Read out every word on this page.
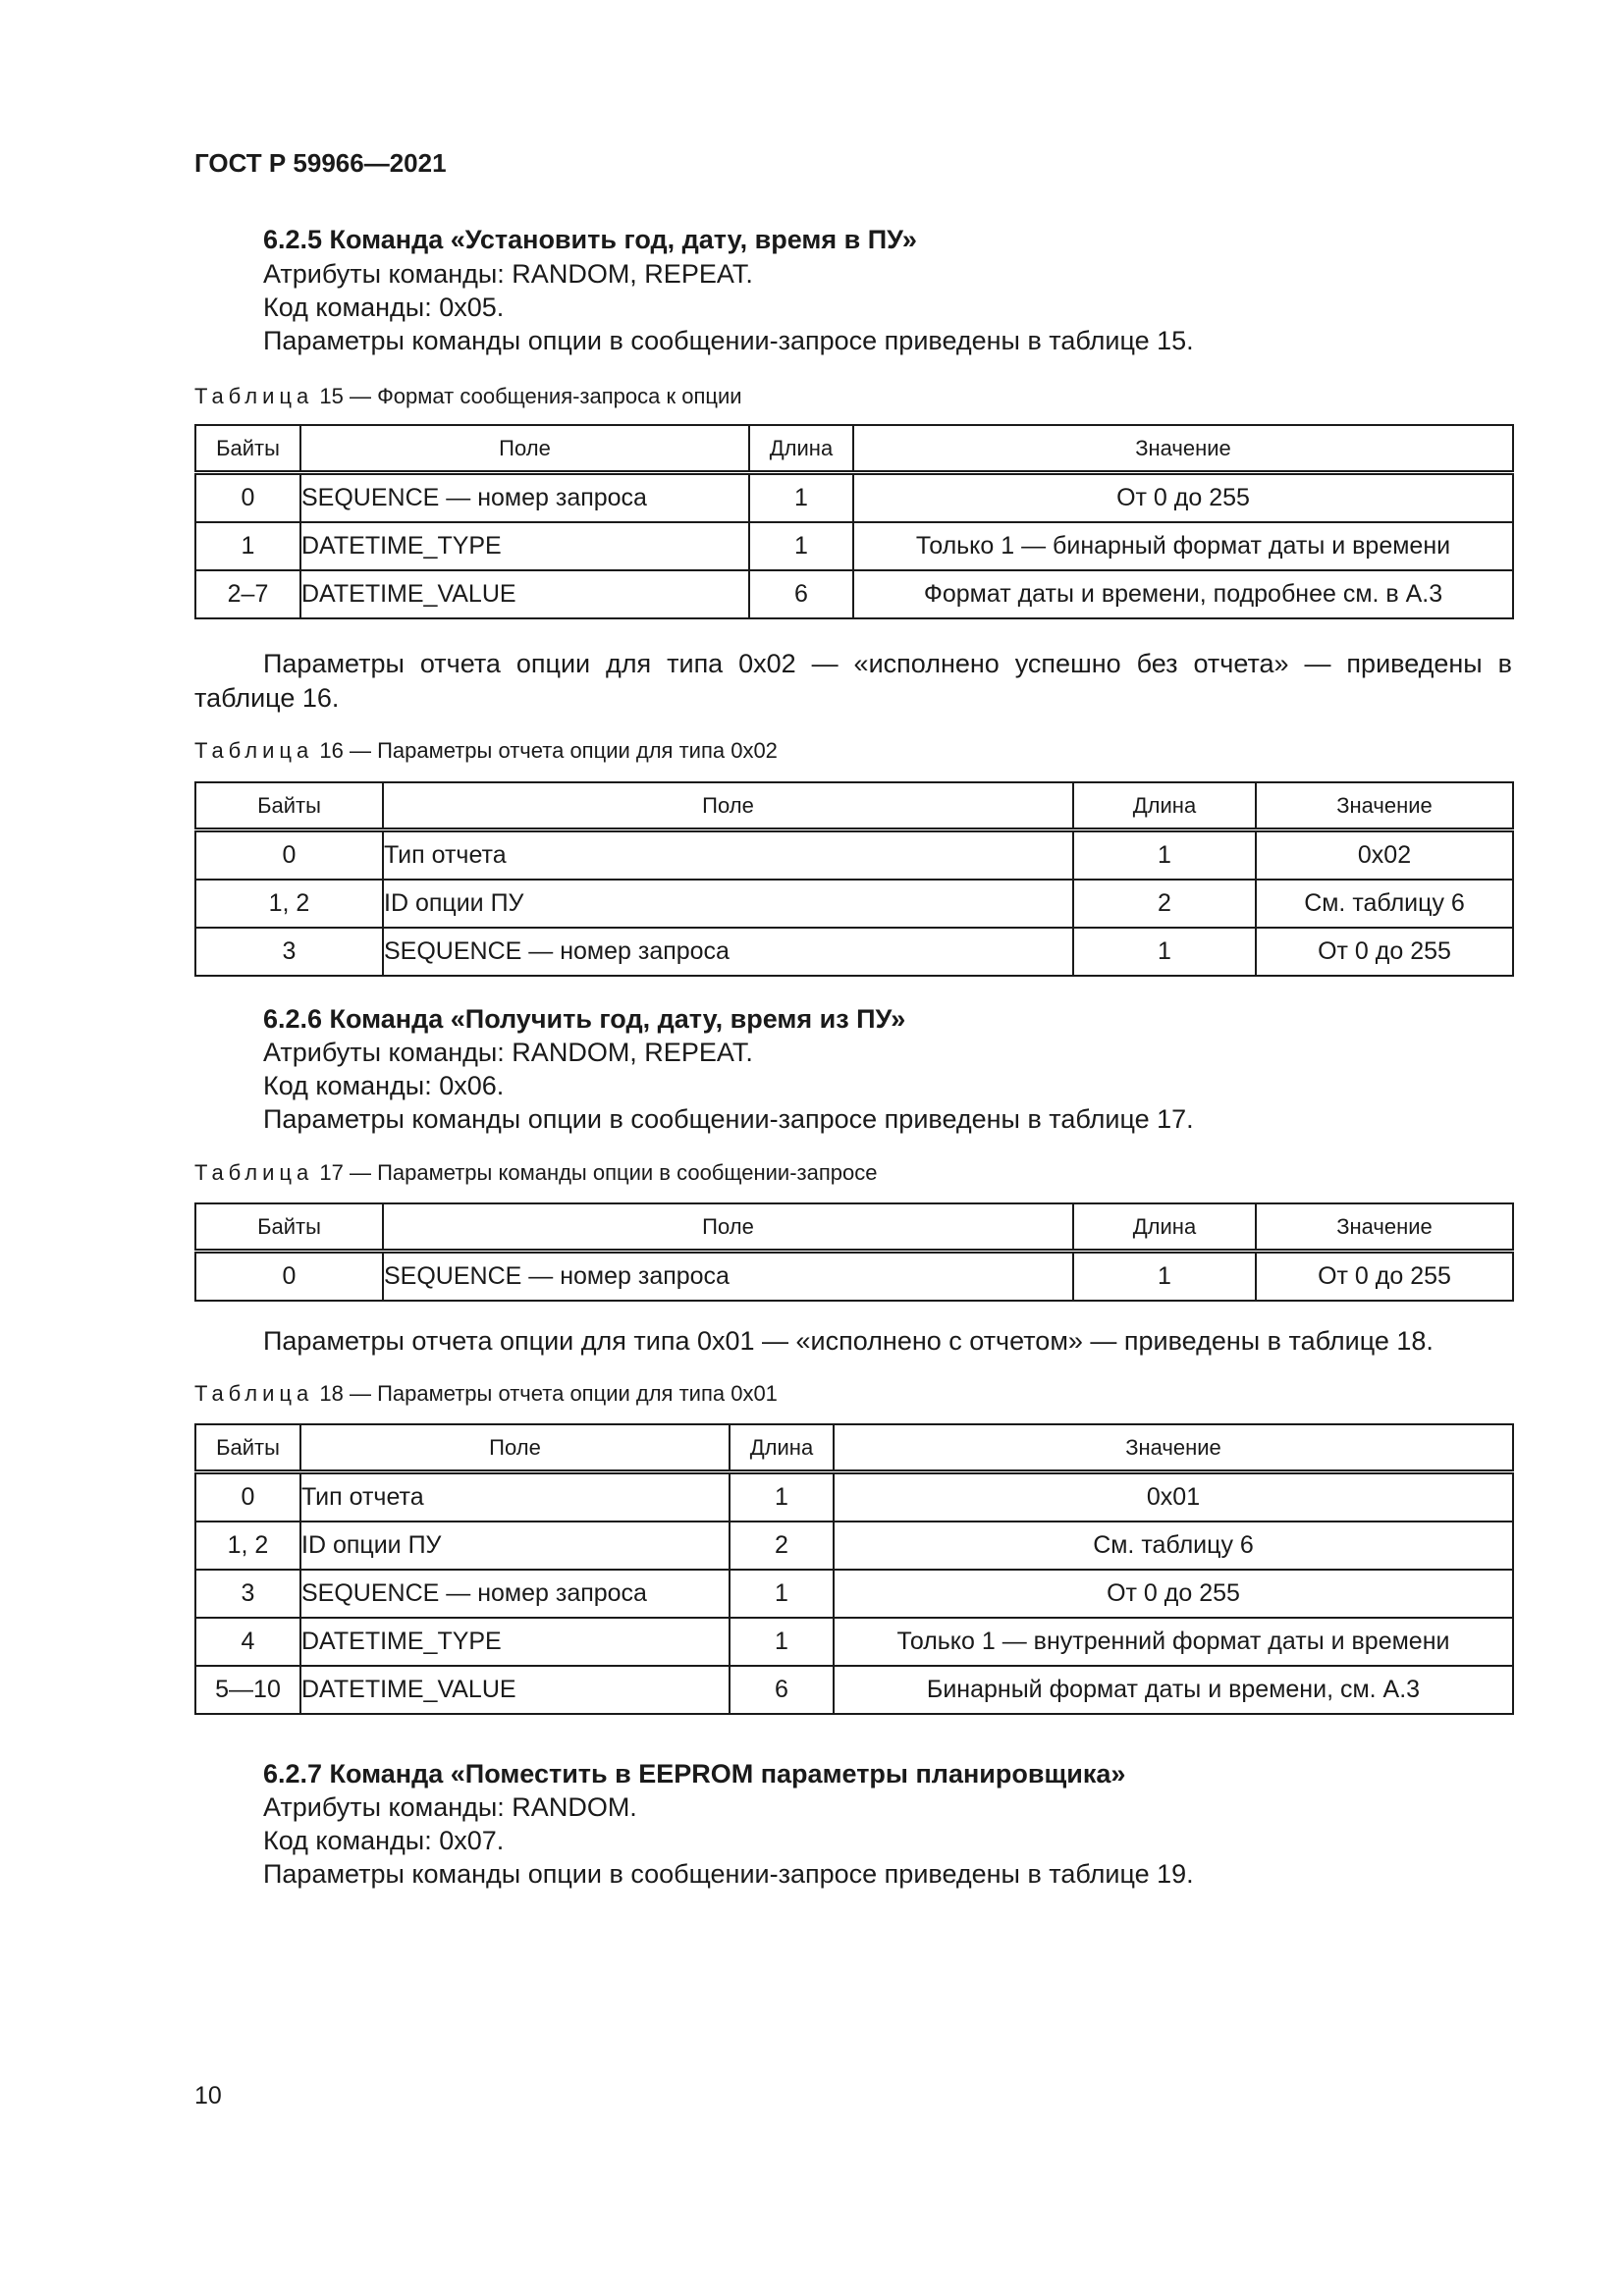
ГОСТ Р 59966—2021
6.2.5 Команда «Установить год, дату, время в ПУ»
Атрибуты команды: RANDOM, REPEAT.
Код команды: 0x05.
Параметры команды опции в сообщении-запросе приведены в таблице 15.
Таблица 15 — Формат сообщения-запроса к опции
Байты	Поле	Длина	Значение
0	SEQUENCE — номер запроса	1	От 0 до 255
1	DATETIME_TYPE	1	Только 1 — бинарный формат даты и времени
2–7	DATETIME_VALUE	6	Формат даты и времени, подробнее см. в А.3
Параметры отчета опции для типа 0x02 — «исполнено успешно без отчета» — приведены в таблице 16.
Таблица 16 — Параметры отчета опции для типа 0x02
Байты	Поле	Длина	Значение
0	Тип отчета	1	0x02
1, 2	ID опции ПУ	2	См. таблицу 6
3	SEQUENCE — номер запроса	1	От 0 до 255
6.2.6 Команда «Получить год, дату, время из ПУ»
Атрибуты команды: RANDOM, REPEAT.
Код команды: 0x06.
Параметры команды опции в сообщении-запросе приведены в таблице 17.
Таблица 17 — Параметры команды опции в сообщении-запросе
Байты	Поле	Длина	Значение
0	SEQUENCE — номер запроса	1	От 0 до 255
Параметры отчета опции для типа 0x01 — «исполнено с отчетом» — приведены в таблице 18.
Таблица 18 — Параметры отчета опции для типа 0x01
Байты	Поле	Длина	Значение
0	Тип отчета	1	0x01
1, 2	ID опции ПУ	2	См. таблицу 6
3	SEQUENCE — номер запроса	1	От 0 до 255
4	DATETIME_TYPE	1	Только 1 — внутренний формат даты и времени
5—10	DATETIME_VALUE	6	Бинарный формат даты и времени, см. А.3
6.2.7 Команда «Поместить в EEPROM параметры планировщика»
Атрибуты команды: RANDOM.
Код команды: 0x07.
Параметры команды опции в сообщении-запросе приведены в таблице 19.
10
